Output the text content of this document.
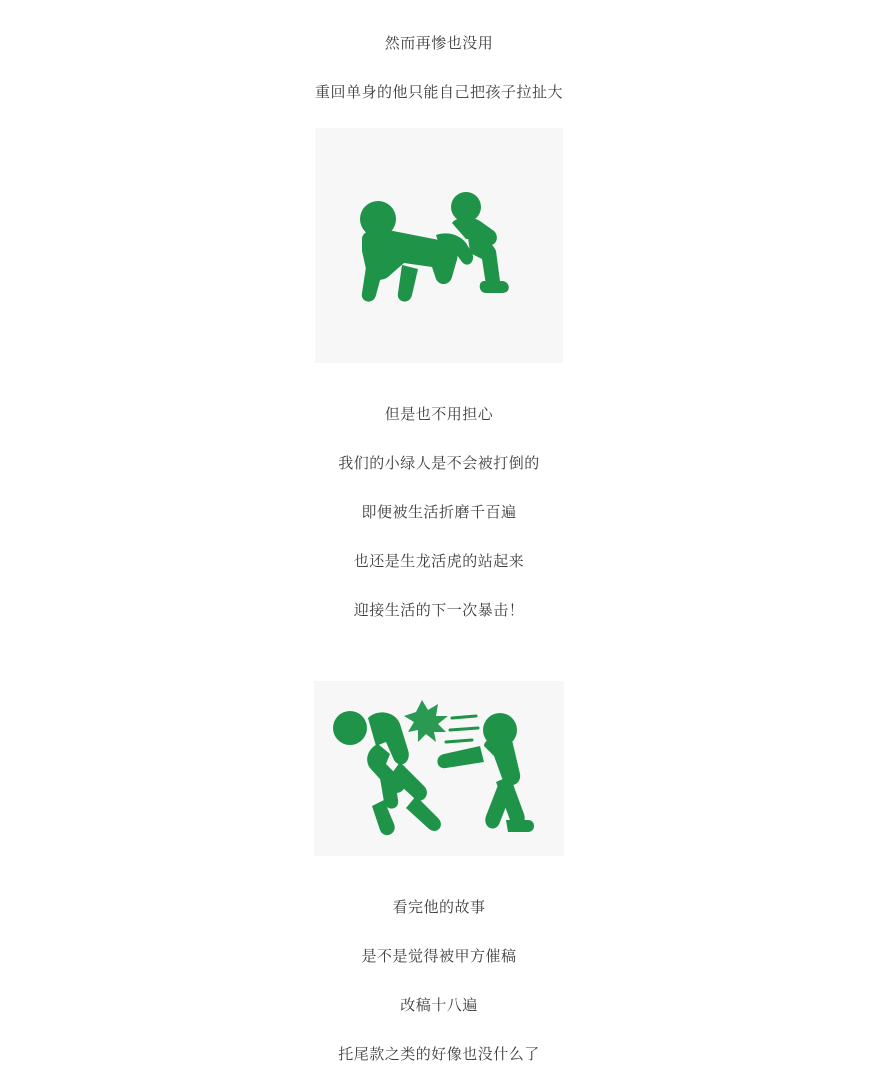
然而再惨也没用

重回单身的他只能自己把孩子拉扯大

但是也不用担心

我们的小绿人是不会被打倒的

即便被生活折磨千百遍

也还是生龙活虎的站起来

迎接生活的下一次暴击！

看完他的故事

是不是觉得被甲方催稿

改稿十八遍

托尾款之类的好像也没什么了
